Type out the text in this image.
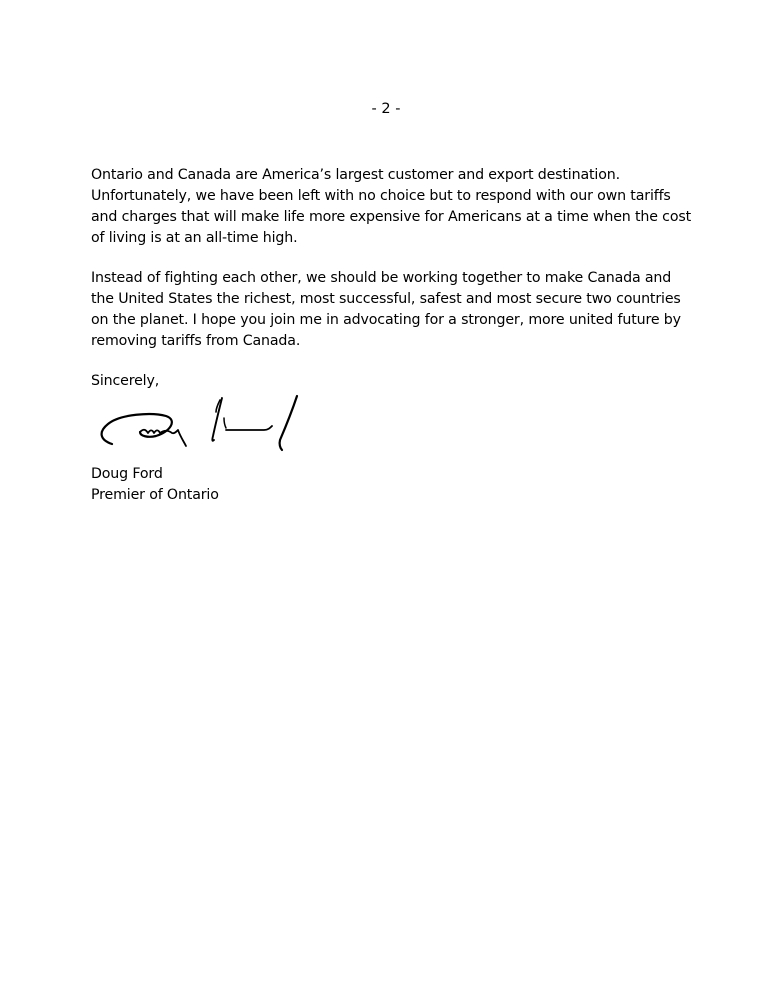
- 2 -

Ontario and Canada are America’s largest customer and export destination. Unfortunately, we have been left with no choice but to respond with our own tariffs and charges that will make life more expensive for Americans at a time when the cost of living is at an all-time high.

Instead of fighting each other, we should be working together to make Canada and the United States the richest, most successful, safest and most secure two countries on the planet. I hope you join me in advocating for a stronger, more united future by removing tariffs from Canada.

Sincerely,

Doug Ford
Premier of Ontario
